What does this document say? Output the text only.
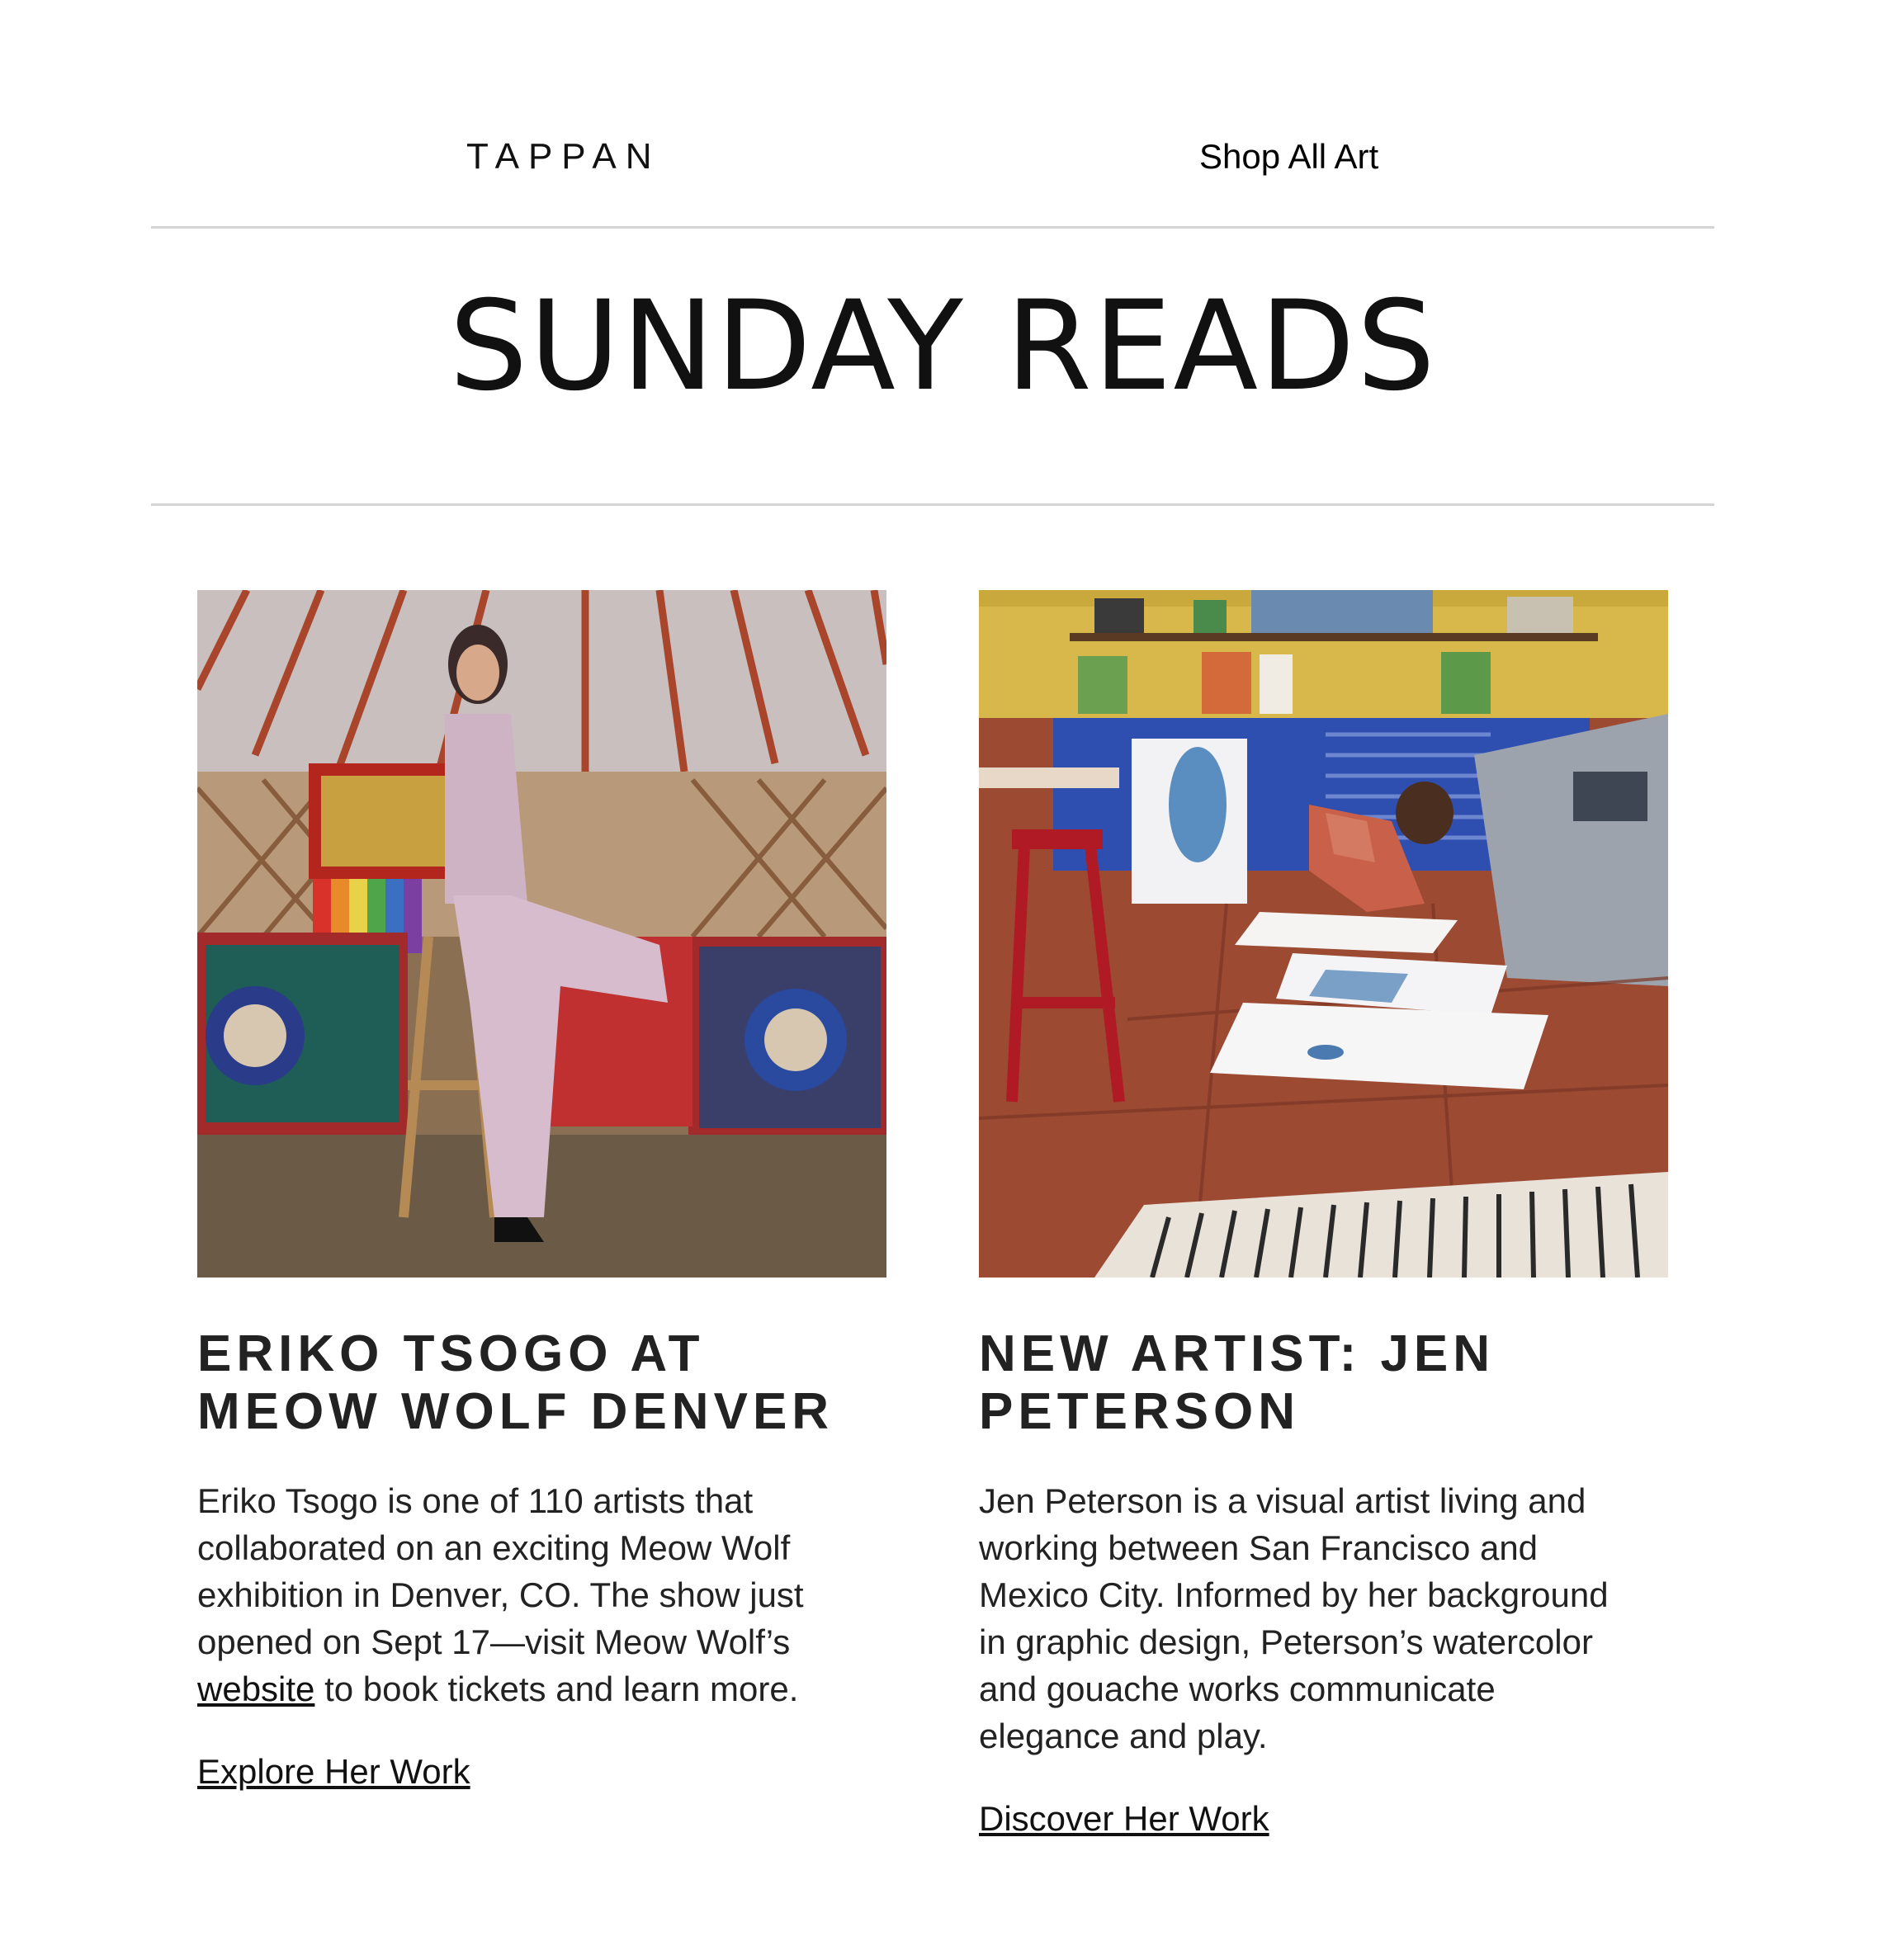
TAPPAN	Shop All Art
SUNDAY READS
ERIKO TSOGO AT
MEOW WOLF DENVER

Eriko Tsogo is one of 110 artists that collaborated on an exciting Meow Wolf exhibition in Denver, CO. The show just opened on Sept 17—visit Meow Wolf’s website to book tickets and learn more.

Explore Her Work
NEW ARTIST: JEN
PETERSON

Jen Peterson is a visual artist living and working between San Francisco and Mexico City. Informed by her background in graphic design, Peterson’s watercolor and gouache works communicate elegance and play.

Discover Her Work
